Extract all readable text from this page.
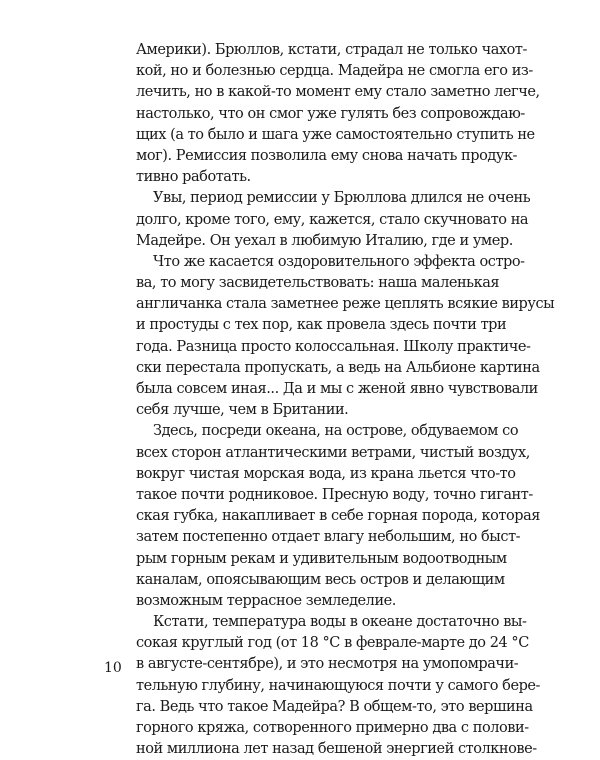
Америки). Брюллов, кстати, страдал не только чахот-
кой, но и болезнью сердца. Мадейра не смогла его из-
лечить, но в какой-то момент ему стало заметно легче,
настолько, что он смог уже гулять без сопровождаю-
щих (а то было и шага уже самостоятельно ступить не
мог). Ремиссия позволила ему снова начать продук-
тивно работать.
Увы, период ремиссии у Брюллова длился не очень
долго, кроме того, ему, кажется, стало скучновато на
Мадейре. Он уехал в любимую Италию, где и умер.
Что же касается оздоровительного эффекта остро-
ва, то могу засвидетельствовать: наша маленькая
англичанка стала заметнее реже цеплять всякие вирусы
и простуды с тех пор, как провела здесь почти три
года. Разница просто колоссальная. Школу практиче-
ски перестала пропускать, а ведь на Альбионе картина
была совсем иная... Да и мы с женой явно чувствовали
себя лучше, чем в Британии.
Здесь, посреди океана, на острове, обдуваемом со
всех сторон атлантическими ветрами, чистый воздух,
вокруг чистая морская вода, из крана льется что-то
такое почти родниковое. Пресную воду, точно гигант-
ская губка, накапливает в себе горная порода, которая
затем постепенно отдает влагу небольшим, но быст-
рым горным рекам и удивительным водоотводным
каналам, опоясывающим весь остров и делающим
возможным террасное земледелие.
Кстати, температура воды в океане достаточно вы-
сокая круглый год (от 18 °С в феврале-марте до 24 °С
в августе-сентябре), и это несмотря на умопомрачи-
тельную глубину, начинающуюся почти у самого бере-
га. Ведь что такое Мадейра? В общем-то, это вершина
горного кряжа, сотворенного примерно два с полови-
ной миллиона лет назад бешеной энергией столкнове-
10
